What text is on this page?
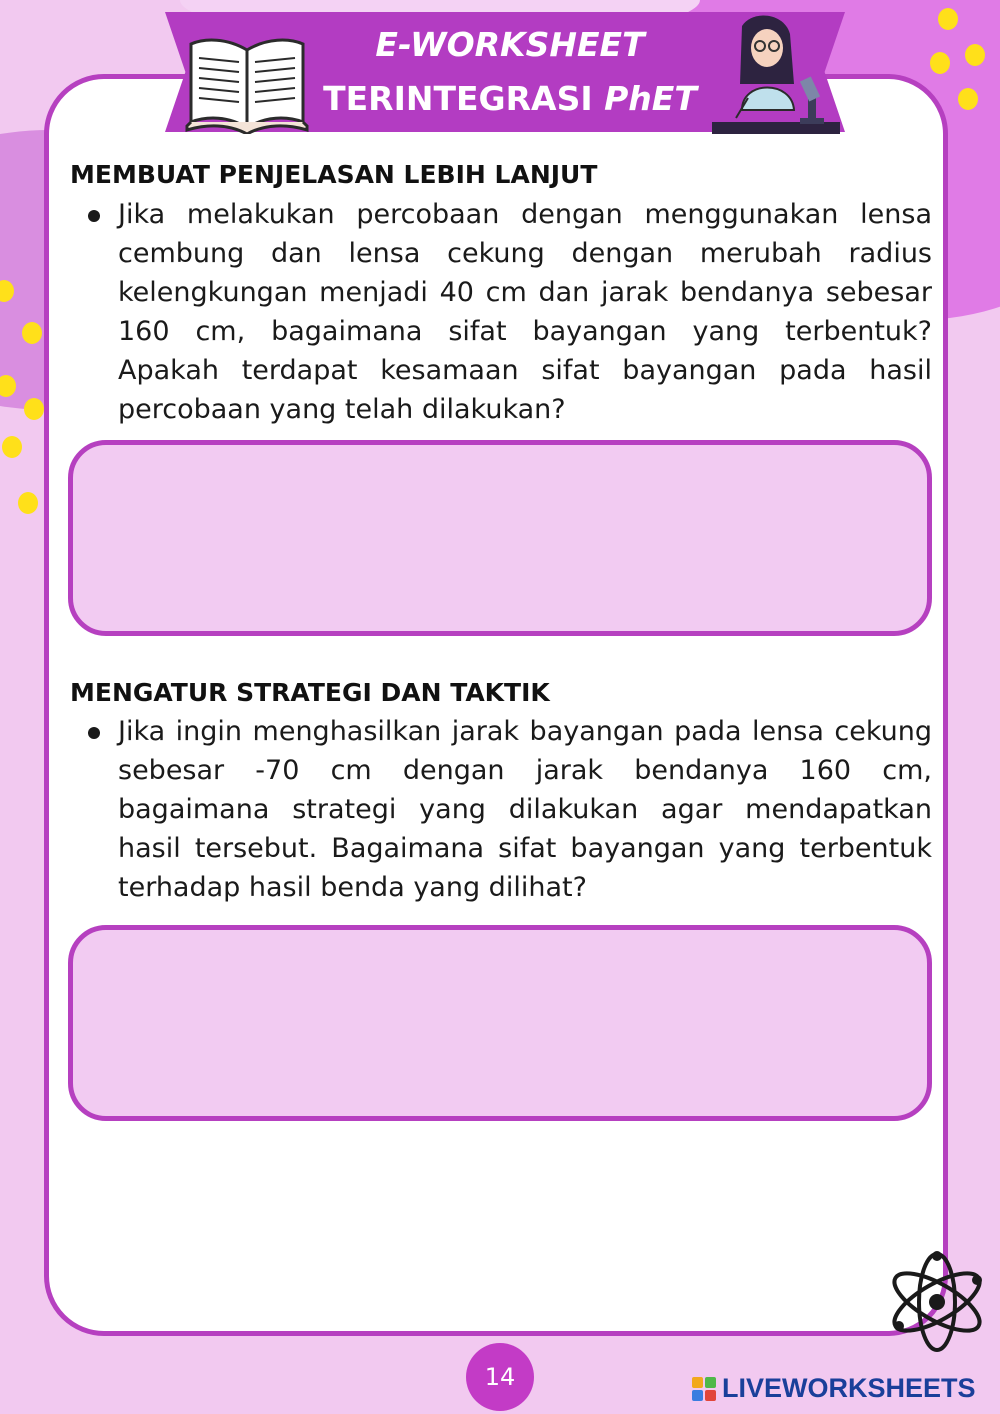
E-WORKSHEET
TERINTEGRASI PhET
MEMBUAT PENJELASAN LEBIH LANJUT
Jika melakukan percobaan dengan menggunakan lensa cembung dan lensa cekung dengan merubah radius kelengkungan menjadi 40 cm dan jarak bendanya sebesar 160 cm, bagaimana sifat bayangan yang terbentuk? Apakah terdapat kesamaan sifat bayangan pada hasil percobaan yang telah dilakukan?
MENGATUR STRATEGI DAN TAKTIK
Jika ingin menghasilkan jarak bayangan pada lensa cekung sebesar -70 cm dengan jarak bendanya 160 cm, bagaimana strategi yang dilakukan agar mendapatkan hasil tersebut. Bagaimana sifat bayangan yang terbentuk terhadap hasil benda yang dilihat?
14	LIVEWORKSHEETS
